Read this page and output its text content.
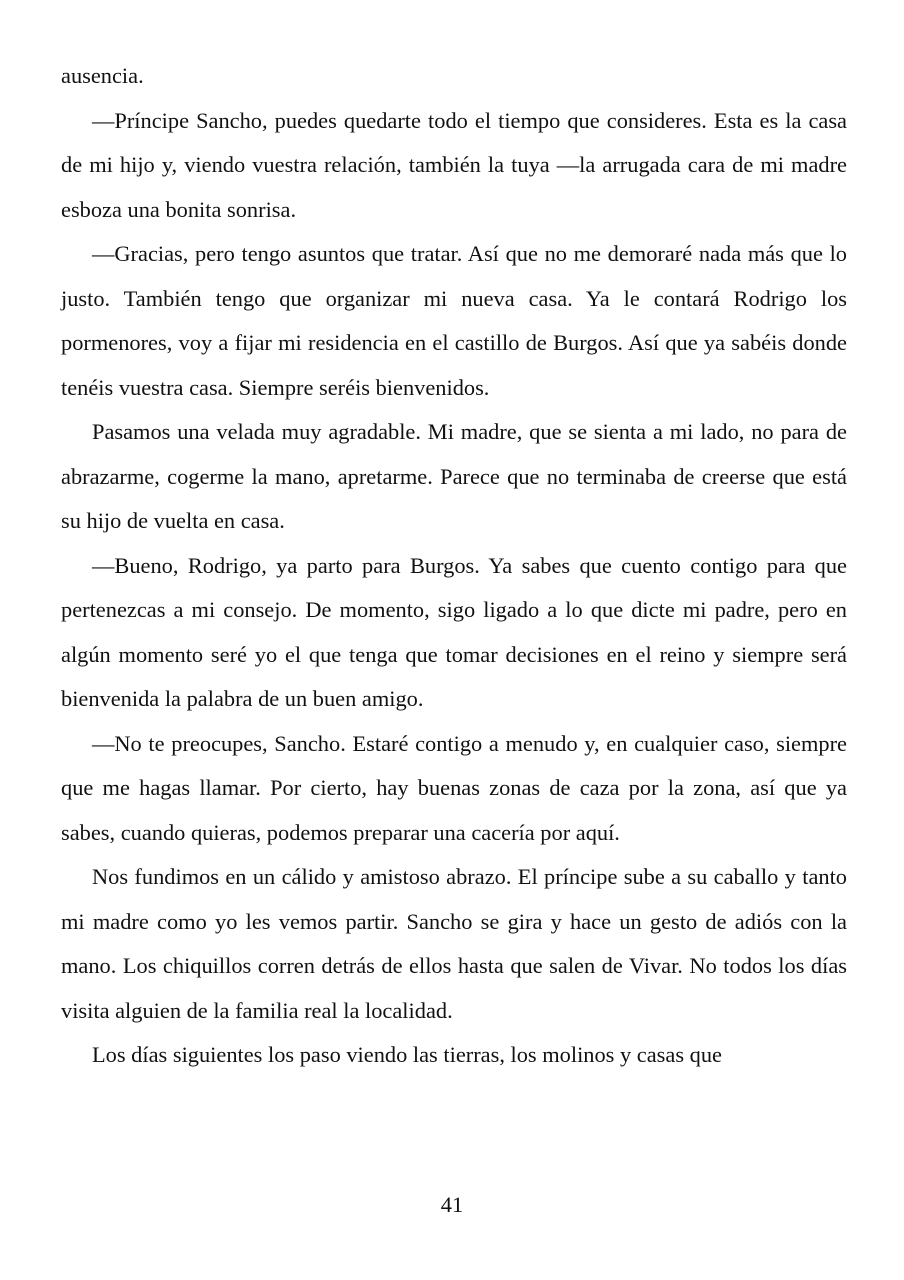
ausencia.

—Príncipe Sancho, puedes quedarte todo el tiempo que consideres. Esta es la casa de mi hijo y, viendo vuestra relación, también la tuya —la arrugada cara de mi madre esboza una bonita sonrisa.

—Gracias, pero tengo asuntos que tratar. Así que no me demoraré nada más que lo justo. También tengo que organizar mi nueva casa. Ya le contará Rodrigo los pormenores, voy a fijar mi residencia en el castillo de Burgos. Así que ya sabéis donde tenéis vuestra casa. Siempre seréis bienvenidos.

Pasamos una velada muy agradable. Mi madre, que se sienta a mi lado, no para de abrazarme, cogerme la mano, apretarme. Parece que no terminaba de creerse que está su hijo de vuelta en casa.

—Bueno, Rodrigo, ya parto para Burgos. Ya sabes que cuento contigo para que pertenezcas a mi consejo. De momento, sigo ligado a lo que dicte mi padre, pero en algún momento seré yo el que tenga que tomar decisiones en el reino y siempre será bienvenida la palabra de un buen amigo.

—No te preocupes, Sancho. Estaré contigo a menudo y, en cualquier caso, siempre que me hagas llamar. Por cierto, hay buenas zonas de caza por la zona, así que ya sabes, cuando quieras, podemos preparar una cacería por aquí.

Nos fundimos en un cálido y amistoso abrazo. El príncipe sube a su caballo y tanto mi madre como yo les vemos partir. Sancho se gira y hace un gesto de adiós con la mano. Los chiquillos corren detrás de ellos hasta que salen de Vivar. No todos los días visita alguien de la familia real la localidad.

Los días siguientes los paso viendo las tierras, los molinos y casas que

41
